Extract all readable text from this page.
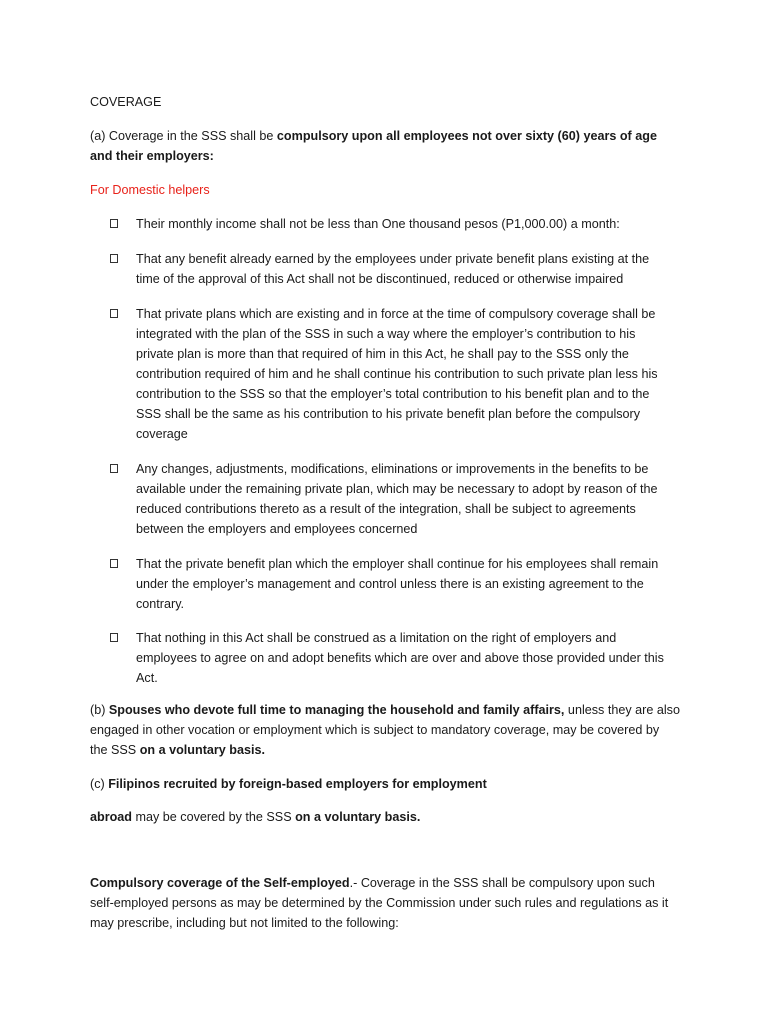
COVERAGE

(a) Coverage in the SSS shall be compulsory upon all employees not over sixty (60) years of age and their employers:

For Domestic helpers

Their monthly income shall not be less than One thousand pesos (P1,000.00) a month:

That any benefit already earned by the employees under private benefit plans existing at the time of the approval of this Act shall not be discontinued, reduced or otherwise impaired

That private plans which are existing and in force at the time of compulsory coverage shall be integrated with the plan of the SSS in such a way where the employer’s contribution to his private plan is more than that required of him in this Act, he shall pay to the SSS only the contribution required of him and he shall continue his contribution to such private plan less his contribution to the SSS so that the employer’s total contribution to his benefit plan and to the SSS shall be the same as his contribution to his private benefit plan before the compulsory coverage

Any changes, adjustments, modifications, eliminations or improvements in the benefits to be available under the remaining private plan, which may be necessary to adopt by reason of the reduced contributions thereto as a result of the integration, shall be subject to agreements between the employers and employees concerned

That the private benefit plan which the employer shall continue for his employees shall remain under the employer’s management and control unless there is an existing agreement to the contrary.

That nothing in this Act shall be construed as a limitation on the right of employers and employees to agree on and adopt benefits which are over and above those provided under this Act.

(b) Spouses who devote full time to managing the household and family affairs, unless they are also engaged in other vocation or employment which is subject to mandatory coverage, may be covered by the SSS on a voluntary basis.

(c) Filipinos recruited by foreign-based employers for employment

abroad may be covered by the SSS on a voluntary basis.

Compulsory coverage of the Self-employed.- Coverage in the SSS shall be compulsory upon such self-employed persons as may be determined by the Commission under such rules and regulations as it may prescribe, including but not limited to the following:
